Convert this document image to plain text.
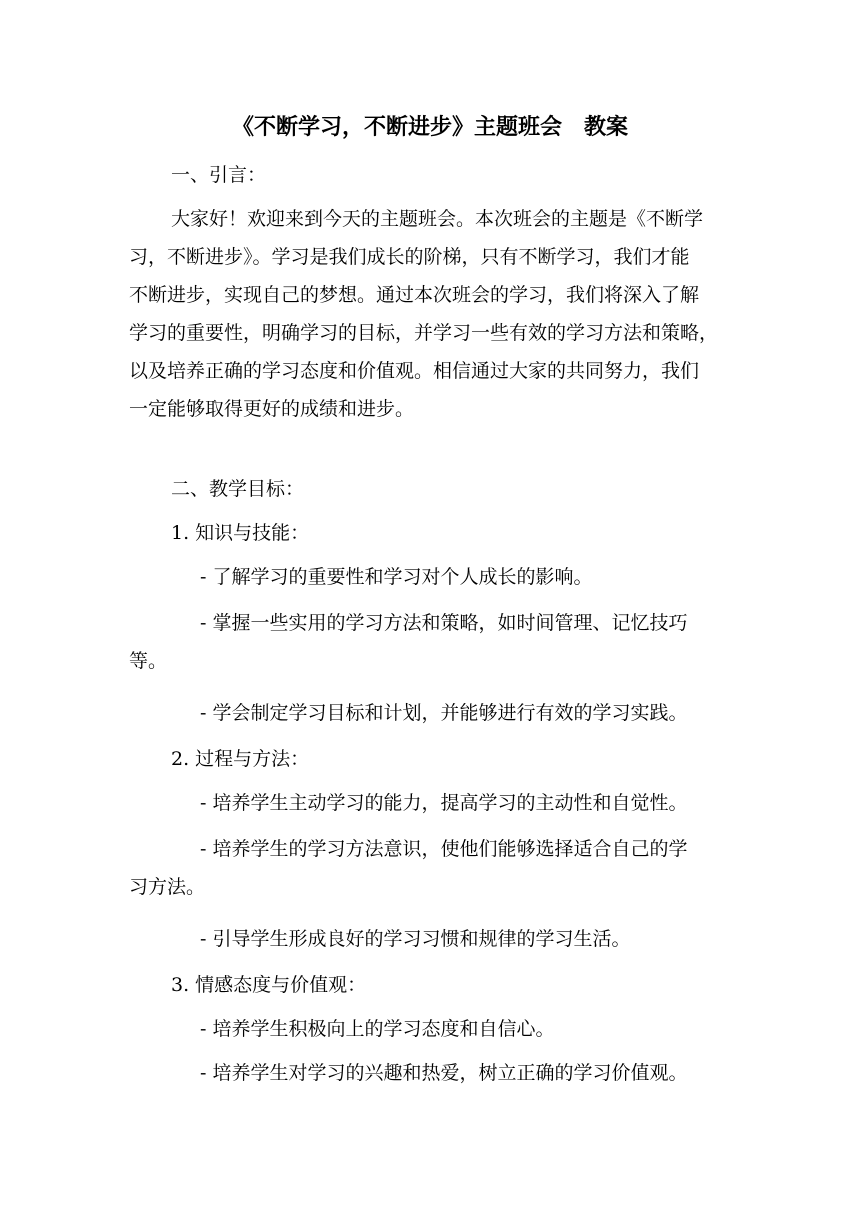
《不断学习，不断进步》主题班会　教案
一、引言：
大家好！欢迎来到今天的主题班会。本次班会的主题是《不断学
习，不断进步》。学习是我们成长的阶梯，只有不断学习，我们才能
不断进步，实现自己的梦想。通过本次班会的学习，我们将深入了解
学习的重要性，明确学习的目标，并学习一些有效的学习方法和策略，
以及培养正确的学习态度和价值观。相信通过大家的共同努力，我们
一定能够取得更好的成绩和进步。
二、教学目标：
1. 知识与技能：
- 了解学习的重要性和学习对个人成长的影响。
- 掌握一些实用的学习方法和策略，如时间管理、记忆技巧
等。
- 学会制定学习目标和计划，并能够进行有效的学习实践。
2. 过程与方法：
- 培养学生主动学习的能力，提高学习的主动性和自觉性。
- 培养学生的学习方法意识，使他们能够选择适合自己的学
习方法。
- 引导学生形成良好的学习习惯和规律的学习生活。
3. 情感态度与价值观：
- 培养学生积极向上的学习态度和自信心。
- 培养学生对学习的兴趣和热爱，树立正确的学习价值观。
